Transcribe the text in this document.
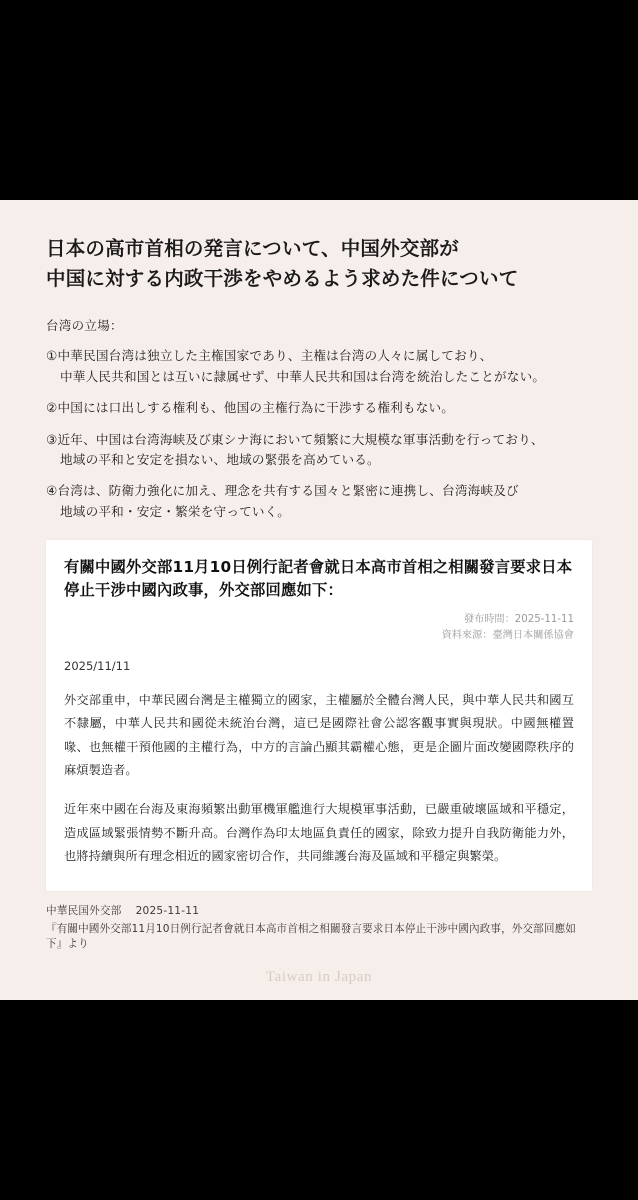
日本の高市首相の発言について、中国外交部が
中国に対する内政干渉をやめるよう求めた件について
台湾の立場：
①中華民国台湾は独立した主権国家であり、主権は台湾の人々に属しており、
中華人民共和国とは互いに隷属せず、中華人民共和国は台湾を統治したことがない。
②中国には口出しする権利も、他国の主権行為に干渉する権利もない。
③近年、中国は台湾海峡及び東シナ海において頻繁に大規模な軍事活動を行っており、
地域の平和と安定を損ない、地域の緊張を高めている。
④台湾は、防衛力強化に加え、理念を共有する国々と緊密に連携し、台湾海峡及び
地域の平和・安定・繁栄を守っていく。
有關中國外交部11月10日例行記者會就日本高市首相之相關發言要求日本停止干涉中國內政事，外交部回應如下：
發布時間：2025-11-11
資料來源：臺灣日本關係協會
2025/11/11
外交部重申，中華民國台灣是主權獨立的國家，主權屬於全體台灣人民，與中華人民共和國互不隸屬，中華人民共和國從未統治台灣，這已是國際社會公認客觀事實與現狀。中國無權置喙、也無權干預他國的主權行為，中方的言論凸顯其霸權心態，更是企圖片面改變國際秩序的麻煩製造者。
近年來中國在台海及東海頻繁出動軍機軍艦進行大規模軍事活動，已嚴重破壞區域和平穩定，造成區域緊張情勢不斷升高。台灣作為印太地區負責任的國家，除致力提升自我防衛能力外，也將持續與所有理念相近的國家密切合作，共同維護台海及區域和平穩定與繁榮。
中華民国外交部 2025-11-11
『有關中國外交部11月10日例行記者會就日本高市首相之相關發言要求日本停止干涉中國內政事，外交部回應如下』より
Taiwan in Japan
